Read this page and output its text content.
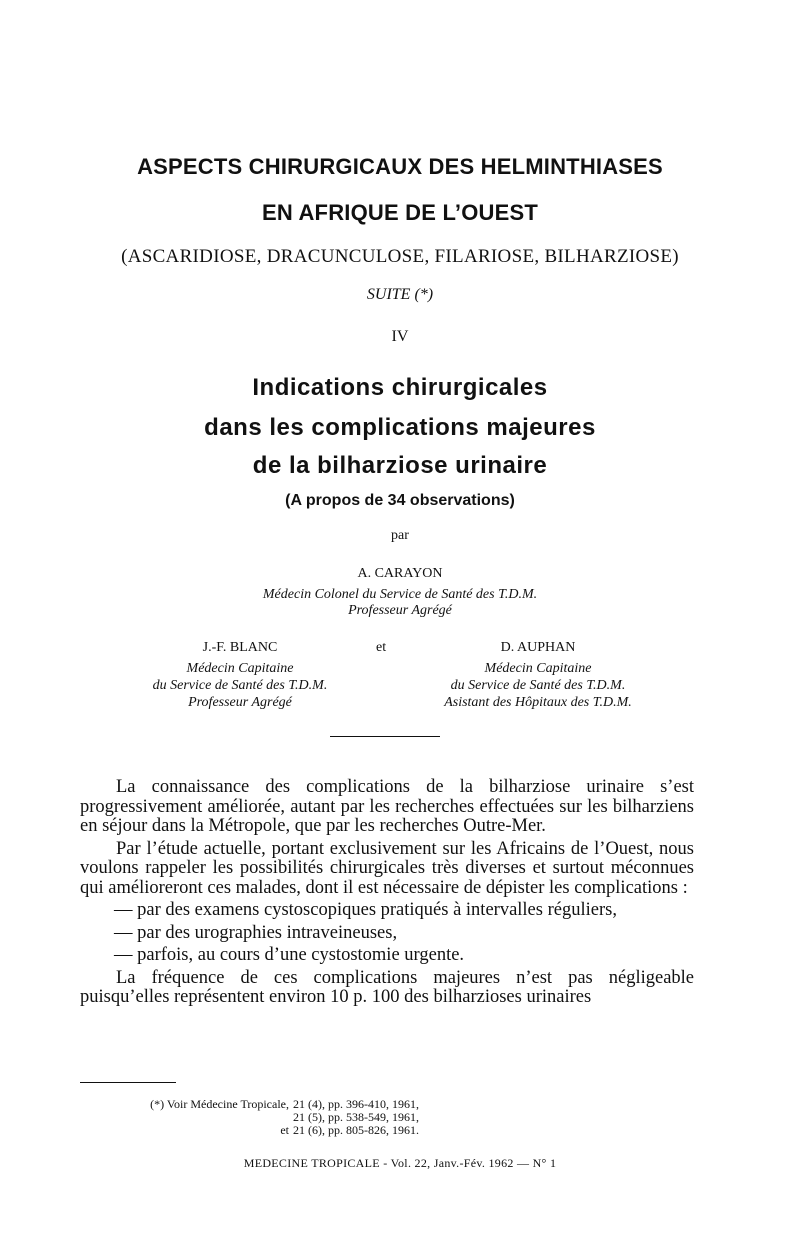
ASPECTS CHIRURGICAUX DES HELMINTHIASES
EN AFRIQUE DE L’OUEST
(ASCARIDIOSE, DRACUNCULOSE, FILARIOSE, BILHARZIOSE)
SUITE (*)
IV
Indications chirurgicales
dans les complications majeures
de la bilharziose urinaire
(A propos de 34 observations)
par
A. CARAYON
Médecin Colonel du Service de Santé des T.D.M.
Professeur Agrégé
J.-F. BLANC
Médecin Capitaine
du Service de Santé des T.D.M.
Professeur Agrégé
et	D. AUPHAN
Médecin Capitaine
du Service de Santé des T.D.M.
Asistant des Hôpitaux des T.D.M.

La connaissance des complications de la bilharziose urinaire s’est progressivement améliorée, autant par les recherches effectuées sur les bilharziens en séjour dans la Métropole, que par les recherches Outre-Mer.

Par l’étude actuelle, portant exclusivement sur les Africains de l’Ouest, nous voulons rappeler les possibilités chirurgicales très diverses et surtout méconnues qui amélioreront ces malades, dont il est nécessaire de dépister les complications :

— par des examens cystoscopiques pratiqués à intervalles réguliers,

— par des urographies intraveineuses,

— parfois, au cours d’une cystostomie urgente.

La fréquence de ces complications majeures n’est pas négligeable puisqu’elles représentent environ 10 p. 100 des bilharzioses urinaires

(*) Voir Médecine Tropicale, 21 (4), pp. 396-410, 1961,
21 (5), pp. 538-549, 1961,
et 21 (6), pp. 805-826, 1961.
MEDECINE TROPICALE - Vol. 22, Janv.-Fév. 1962 — N° 1
